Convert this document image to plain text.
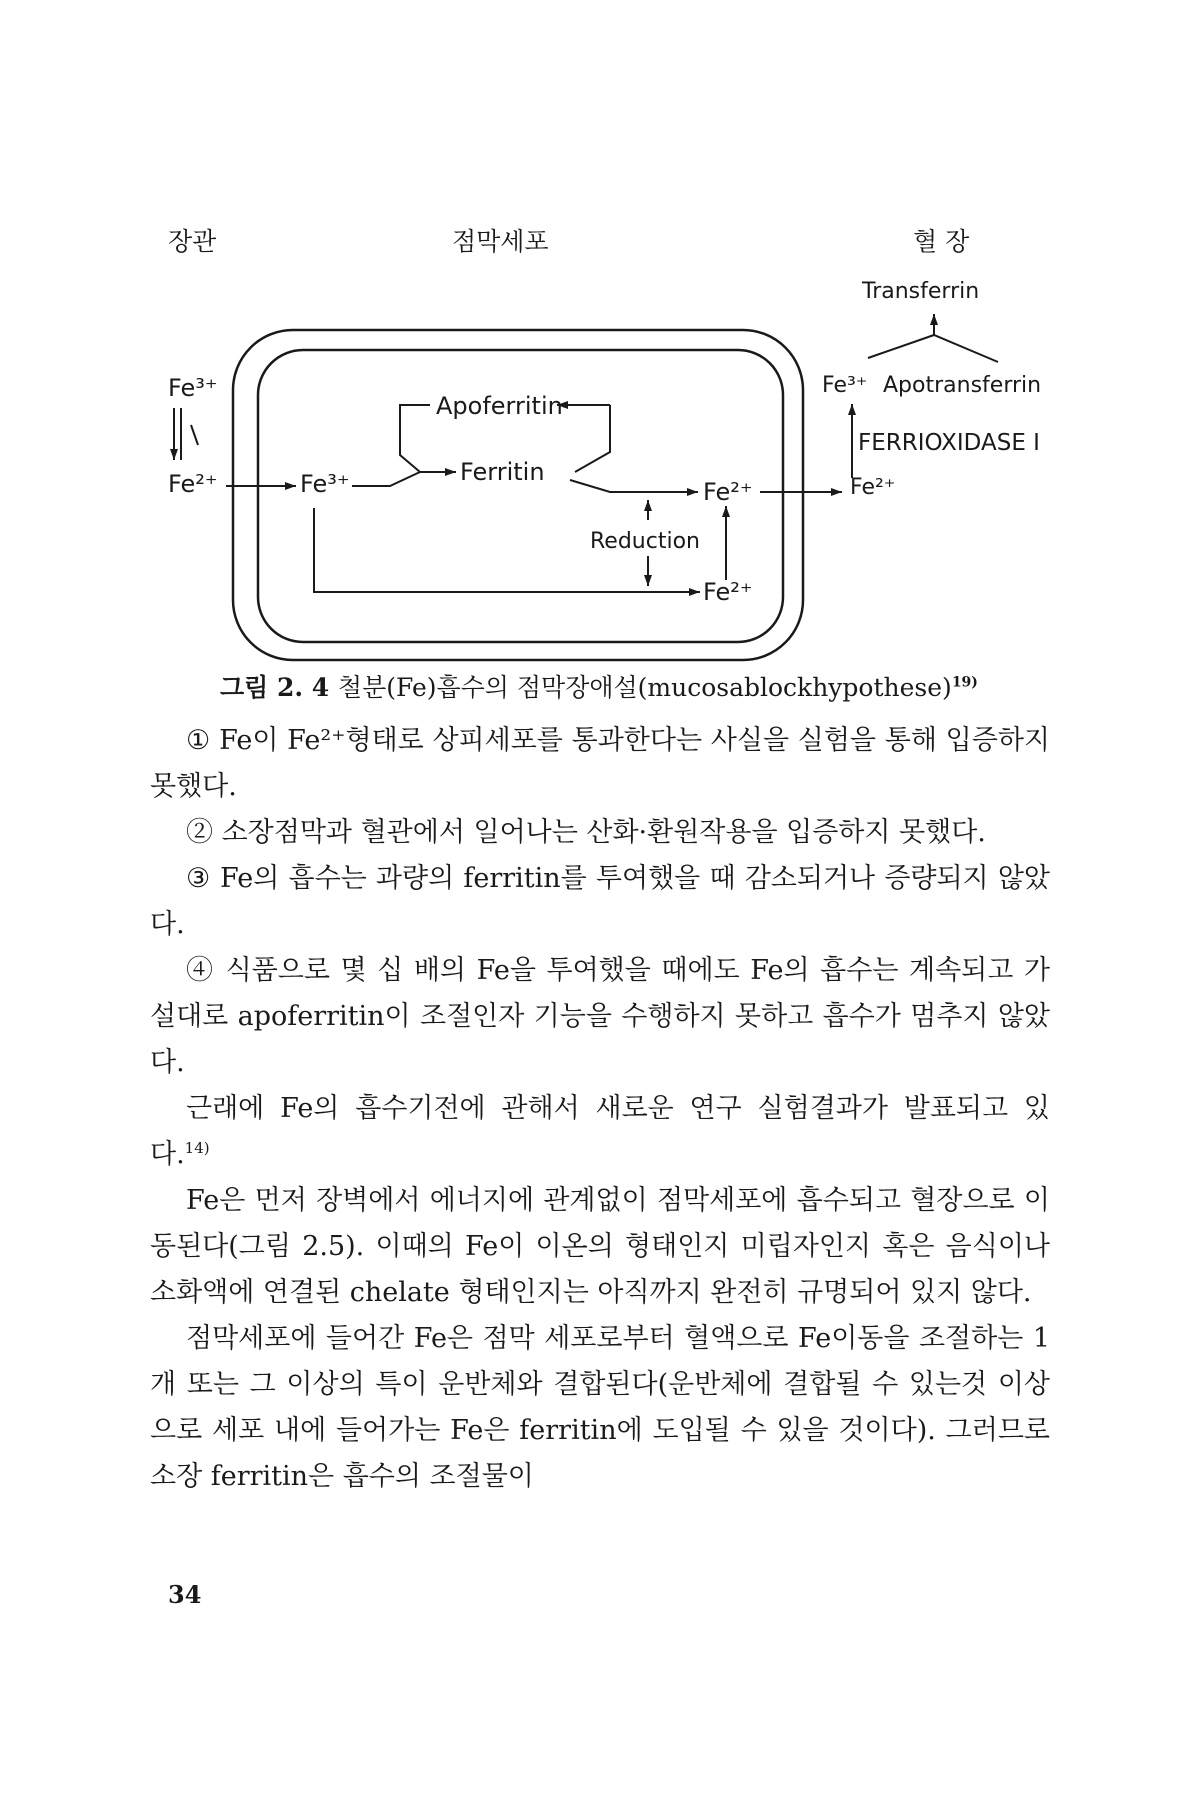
장관	점막세포	혈 장
Transferrin
Fe³⁺ Apotransferrin
FERRIOXIDASE I
Fe²⁺
Fe³⁺
Fe²⁺	Fe³⁺	Ferritin
Apoferritin
Fe²⁺
Reduction
Fe²⁺
그림 2. 4 철분(Fe)흡수의 점막장애설(mucosablockhypothese)$^{19)}$

① Fe이 Fe²⁺형태로 상피세포를 통과한다는 사실을 실험을 통해 입증하지 못했다.

② 소장점막과 혈관에서 일어나는 산화·환원작용을 입증하지 못했다.

③ Fe의 흡수는 과량의 ferritin를 투여했을 때 감소되거나 증량되지 않았다.

④ 식품으로 몇 십 배의 Fe을 투여했을 때에도 Fe의 흡수는 계속되고 가설대로 apoferritin이 조절인자 기능을 수행하지 못하고 흡수가 멈추지 않았다.

근래에 Fe의 흡수기전에 관해서 새로운 연구 실험결과가 발표되고 있다.$^{14)}$

Fe은 먼저 장벽에서 에너지에 관계없이 점막세포에 흡수되고 혈장으로 이동된다(그림 2.5). 이때의 Fe이 이온의 형태인지 미립자인지 혹은 음식이나 소화액에 연결된 chelate 형태인지는 아직까지 완전히 규명되어 있지 않다.

점막세포에 들어간 Fe은 점막 세포로부터 혈액으로 Fe이동을 조절하는 1개 또는 그 이상의 특이 운반체와 결합된다(운반체에 결합될 수 있는것 이상으로 세포 내에 들어가는 Fe은 ferritin에 도입될 수 있을 것이다). 그러므로 소장 ferritin은 흡수의 조절물이

34
